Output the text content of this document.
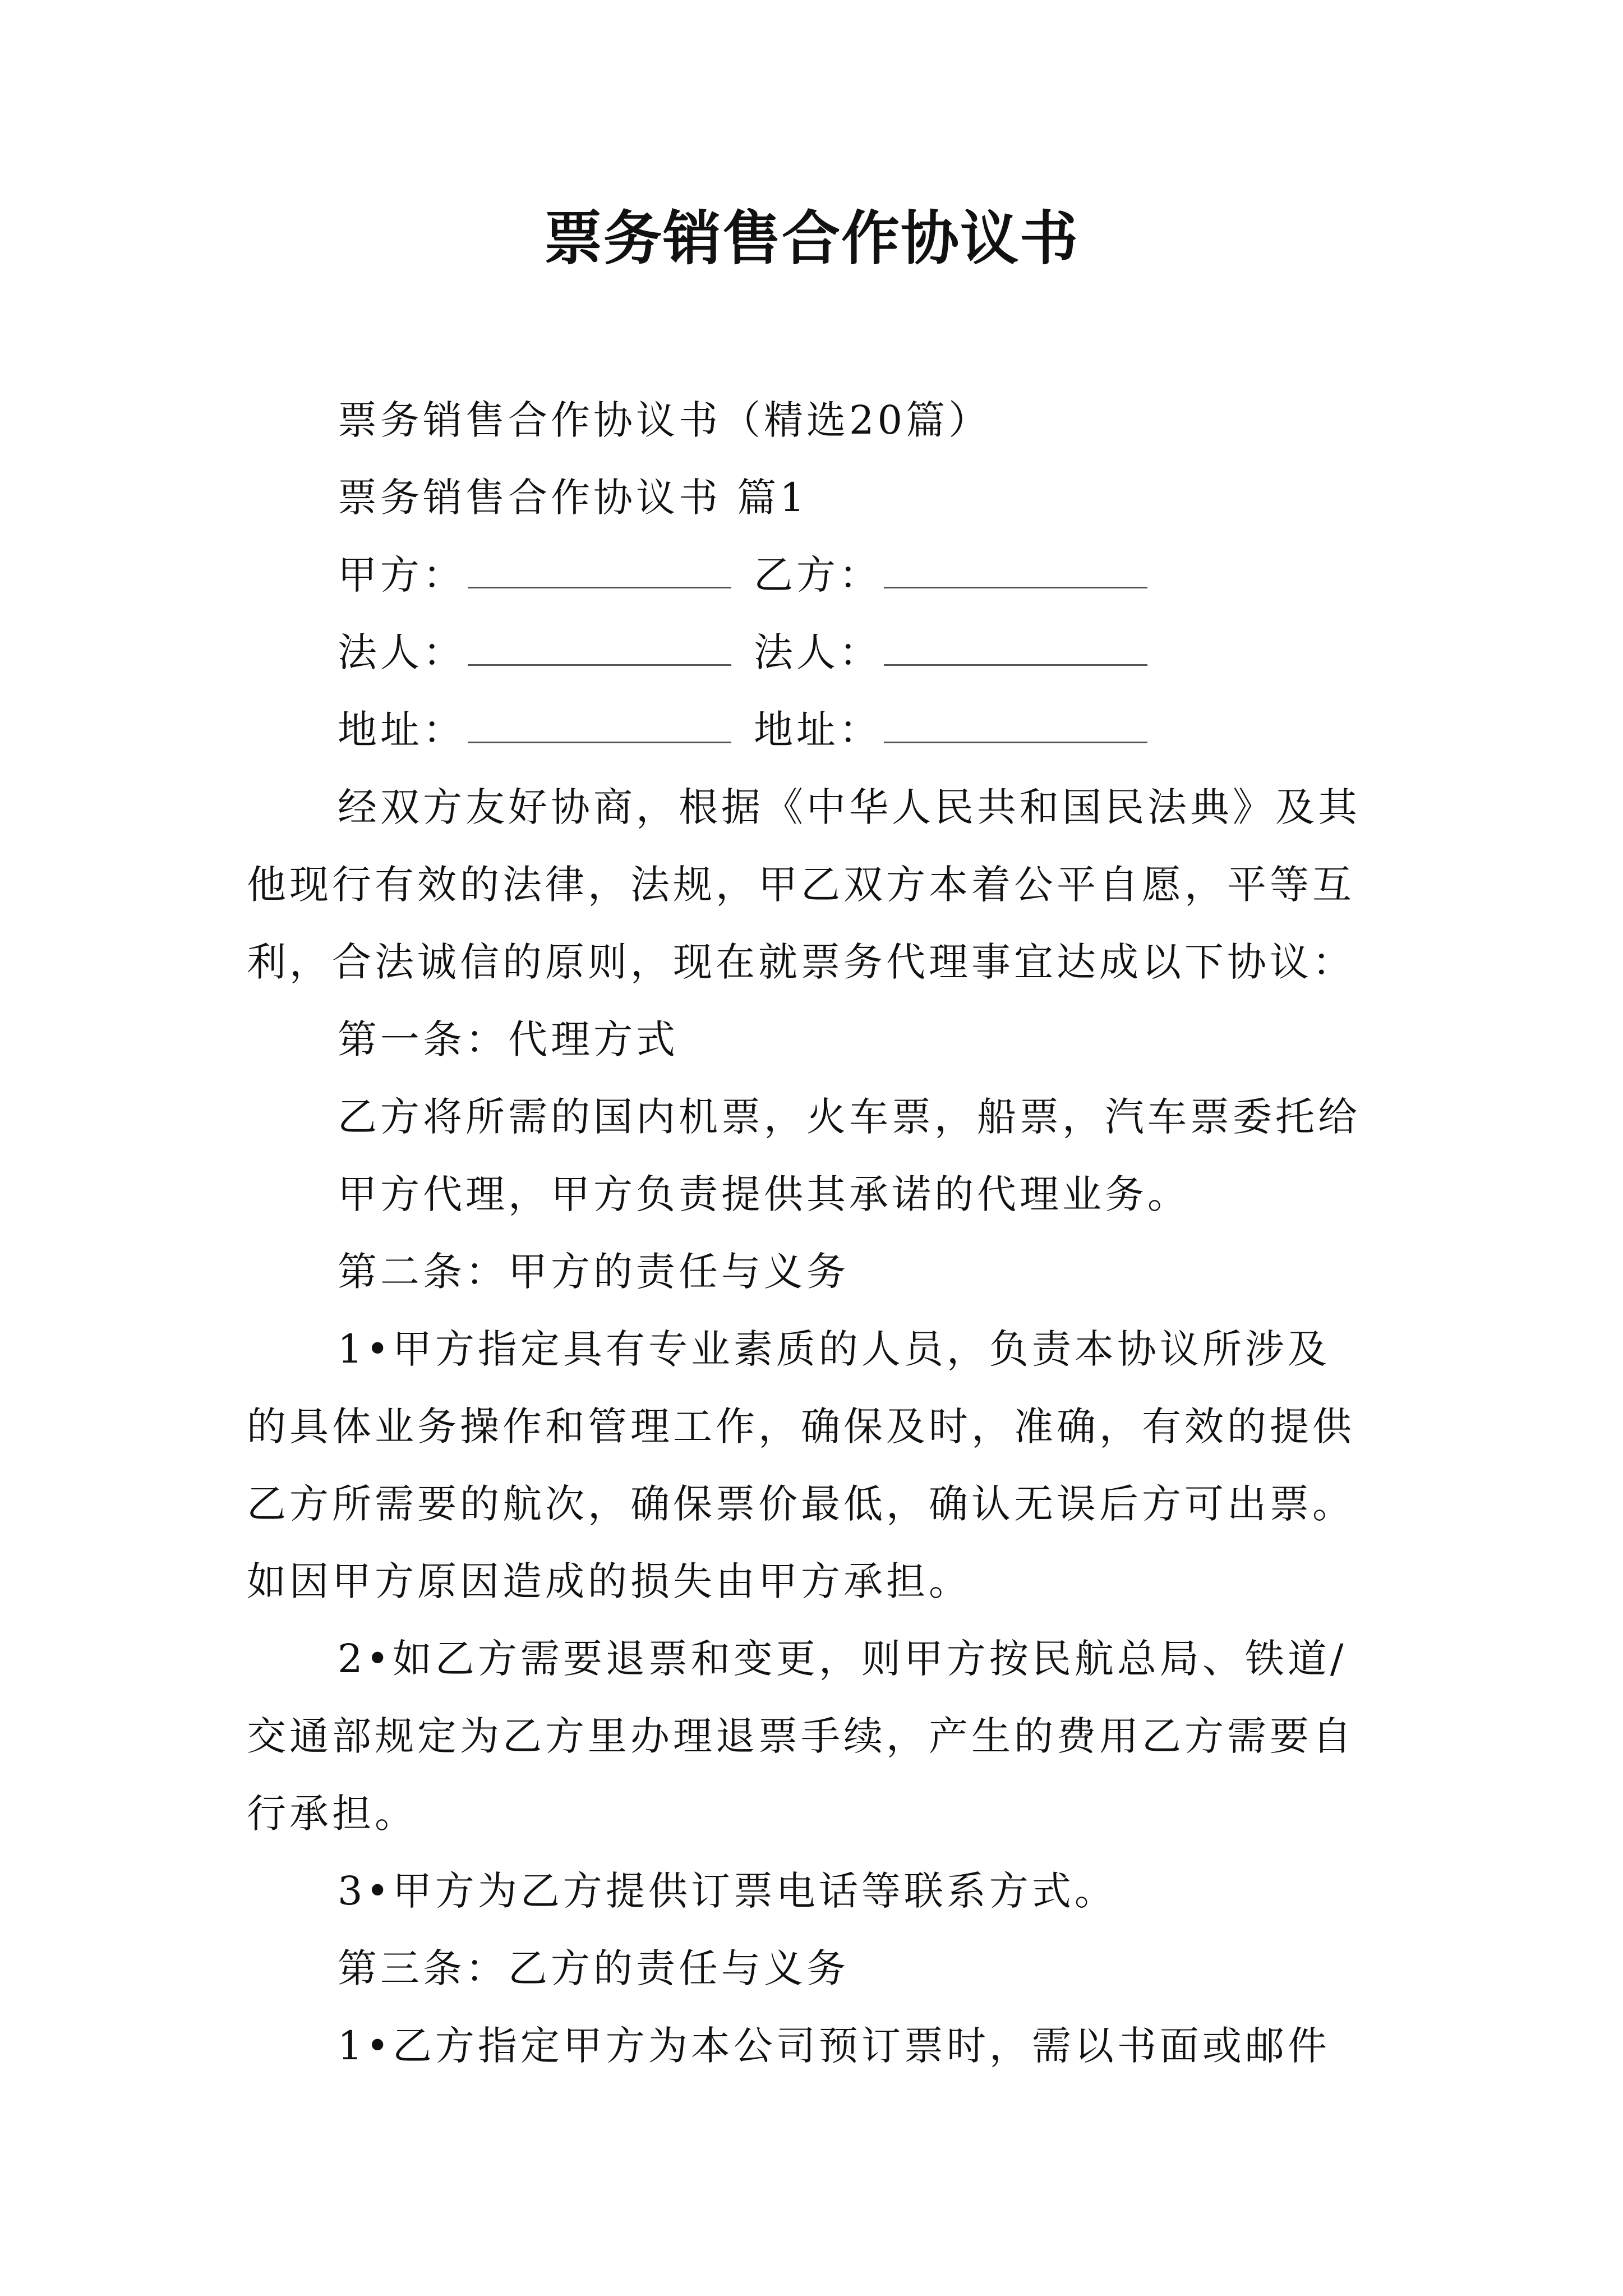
票务销售合作协议书
票务销售合作协议书（精选20篇）
票务销售合作协议书 篇1
甲方：	乙方：
法人：	法人：
地址：	地址：
经双方友好协商，根据《中华人民共和国民法典》及其
他现行有效的法律，法规，甲乙双方本着公平自愿，平等互
利，合法诚信的原则，现在就票务代理事宜达成以下协议：
第一条：代理方式
乙方将所需的国内机票，火车票，船票，汽车票委托给
甲方代理，甲方负责提供其承诺的代理业务。
第二条：甲方的责任与义务
1•甲方指定具有专业素质的人员，负责本协议所涉及
的具体业务操作和管理工作，确保及时，准确，有效的提供
乙方所需要的航次，确保票价最低，确认无误后方可出票。
如因甲方原因造成的损失由甲方承担。
2•如乙方需要退票和变更，则甲方按民航总局、铁道/
交通部规定为乙方里办理退票手续，产生的费用乙方需要自
行承担。
3•甲方为乙方提供订票电话等联系方式。
第三条：乙方的责任与义务
1•乙方指定甲方为本公司预订票时，需以书面或邮件
